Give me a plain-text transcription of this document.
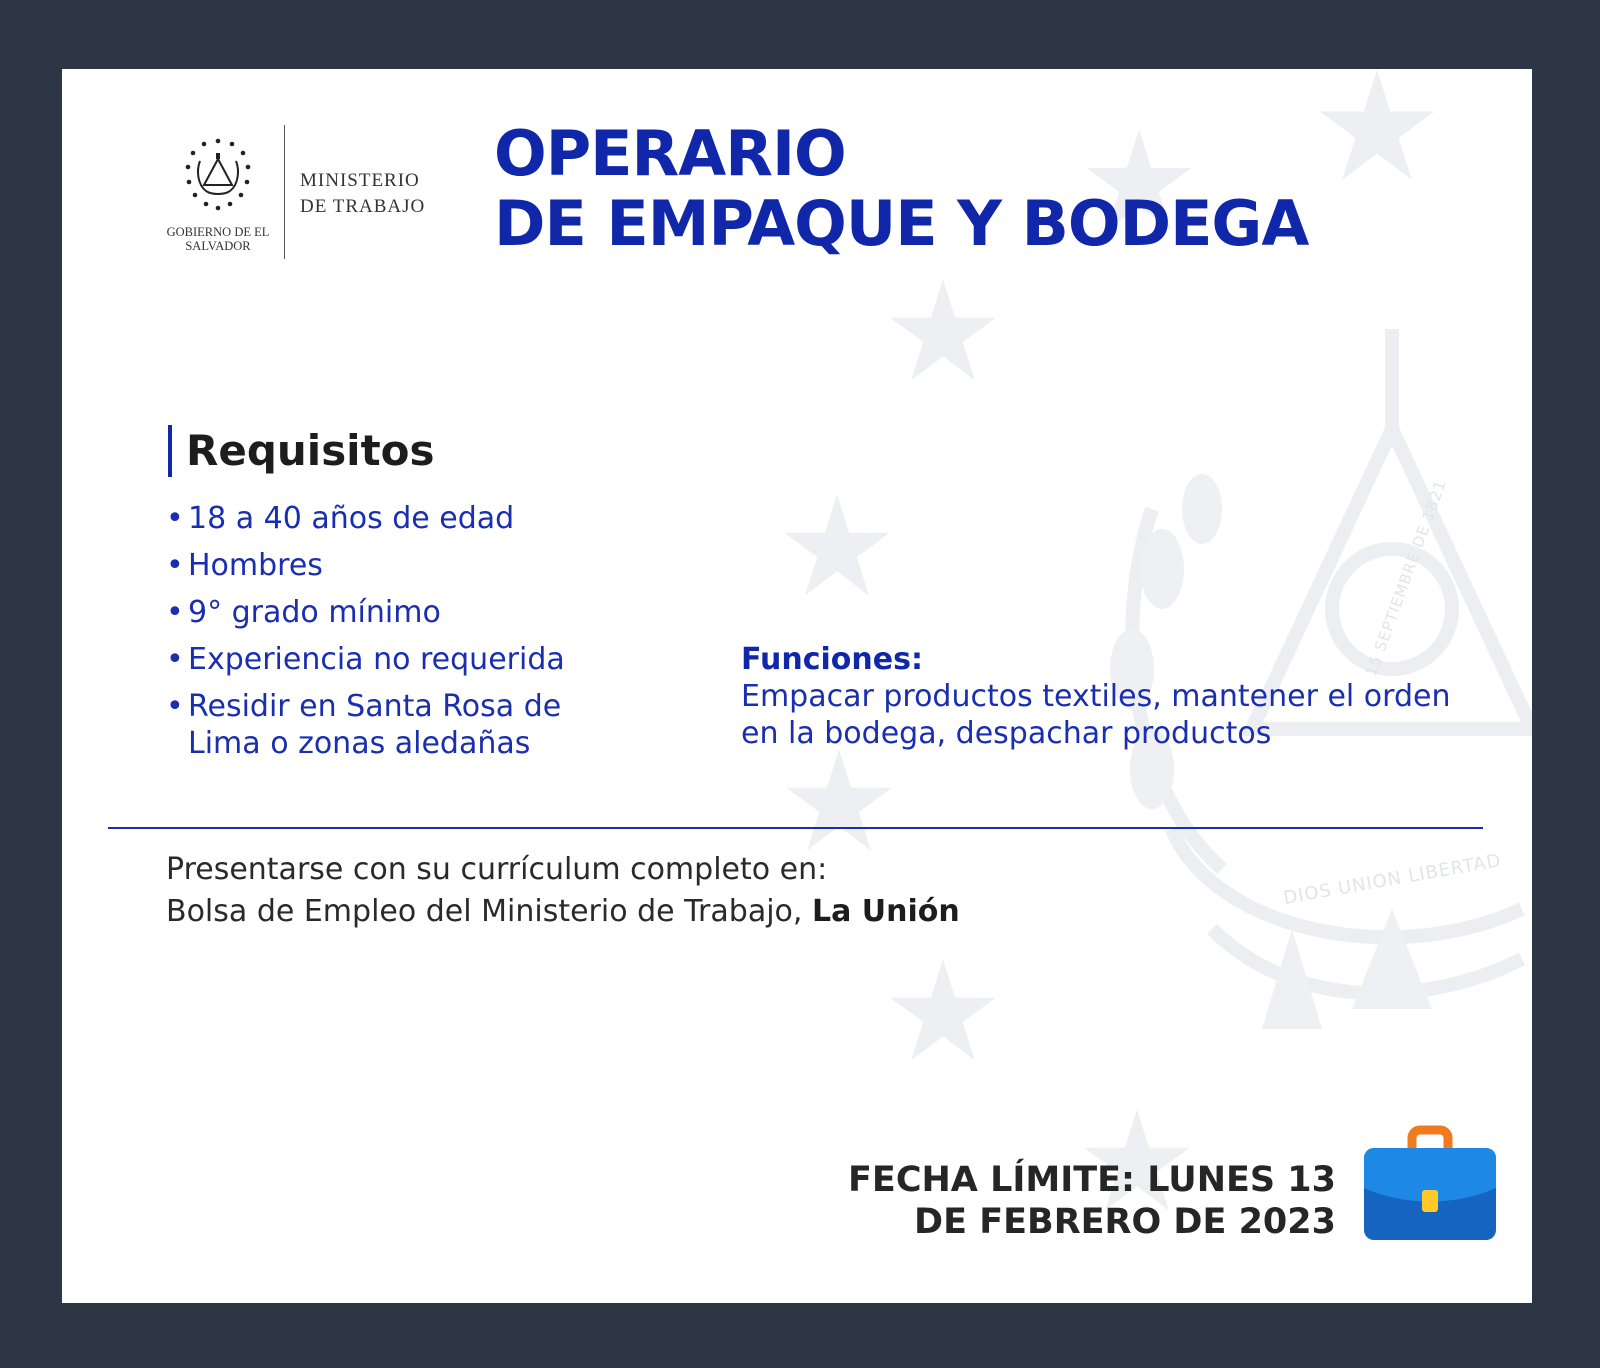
DIOS UNION LIBERTAD
15 SEPTIEMBRE DE 1821
GOBIERNO DE EL SALVADOR
MINISTERIO DE TRABAJO
OPERARIO
DE EMPAQUE Y BODEGA
Requisitos
• 18 a 40 años de edad
• Hombres
• 9° grado mínimo
• Experiencia no requerida
• Residir en Santa Rosa de Lima o zonas aledañas
Funciones:
Empacar productos textiles, mantener el orden en la bodega, despachar productos
Presentarse con su currículum completo en:
Bolsa de Empleo del Ministerio de Trabajo, La Unión
FECHA LÍMITE: LUNES 13
DE FEBRERO DE 2023
